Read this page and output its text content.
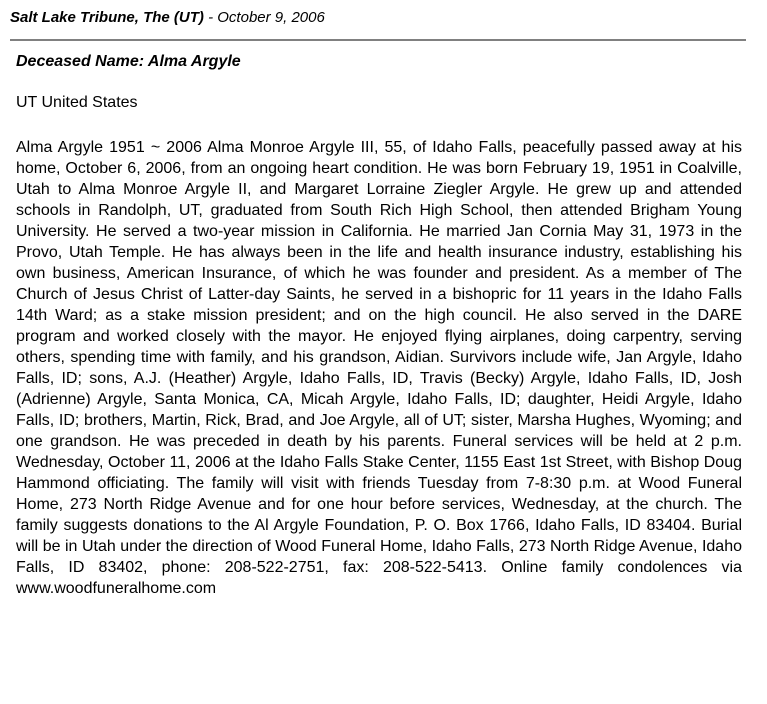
Salt Lake Tribune, The (UT) - October 9, 2006
Deceased Name: Alma Argyle
UT United States
Alma Argyle 1951 ~ 2006 Alma Monroe Argyle III, 55, of Idaho Falls, peacefully passed away at his home, October 6, 2006, from an ongoing heart condition. He was born February 19, 1951 in Coalville, Utah to Alma Monroe Argyle II, and Margaret Lorraine Ziegler Argyle. He grew up and attended schools in Randolph, UT, graduated from South Rich High School, then attended Brigham Young University. He served a two-year mission in California. He married Jan Cornia May 31, 1973 in the Provo, Utah Temple. He has always been in the life and health insurance industry, establishing his own business, American Insurance, of which he was founder and president. As a member of The Church of Jesus Christ of Latter-day Saints, he served in a bishopric for 11 years in the Idaho Falls 14th Ward; as a stake mission president; and on the high council. He also served in the DARE program and worked closely with the mayor. He enjoyed flying airplanes, doing carpentry, serving others, spending time with family, and his grandson, Aidian. Survivors include wife, Jan Argyle, Idaho Falls, ID; sons, A.J. (Heather) Argyle, Idaho Falls, ID, Travis (Becky) Argyle, Idaho Falls, ID, Josh (Adrienne) Argyle, Santa Monica, CA, Micah Argyle, Idaho Falls, ID; daughter, Heidi Argyle, Idaho Falls, ID; brothers, Martin, Rick, Brad, and Joe Argyle, all of UT; sister, Marsha Hughes, Wyoming; and one grandson. He was preceded in death by his parents. Funeral services will be held at 2 p.m. Wednesday, October 11, 2006 at the Idaho Falls Stake Center, 1155 East 1st Street, with Bishop Doug Hammond officiating. The family will visit with friends Tuesday from 7-8:30 p.m. at Wood Funeral Home, 273 North Ridge Avenue and for one hour before services, Wednesday, at the church. The family suggests donations to the Al Argyle Foundation, P. O. Box 1766, Idaho Falls, ID 83404. Burial will be in Utah under the direction of Wood Funeral Home, Idaho Falls, 273 North Ridge Avenue, Idaho Falls, ID 83402, phone: 208-522-2751, fax: 208-522-5413. Online family condolences via www.woodfuneralhome.com
